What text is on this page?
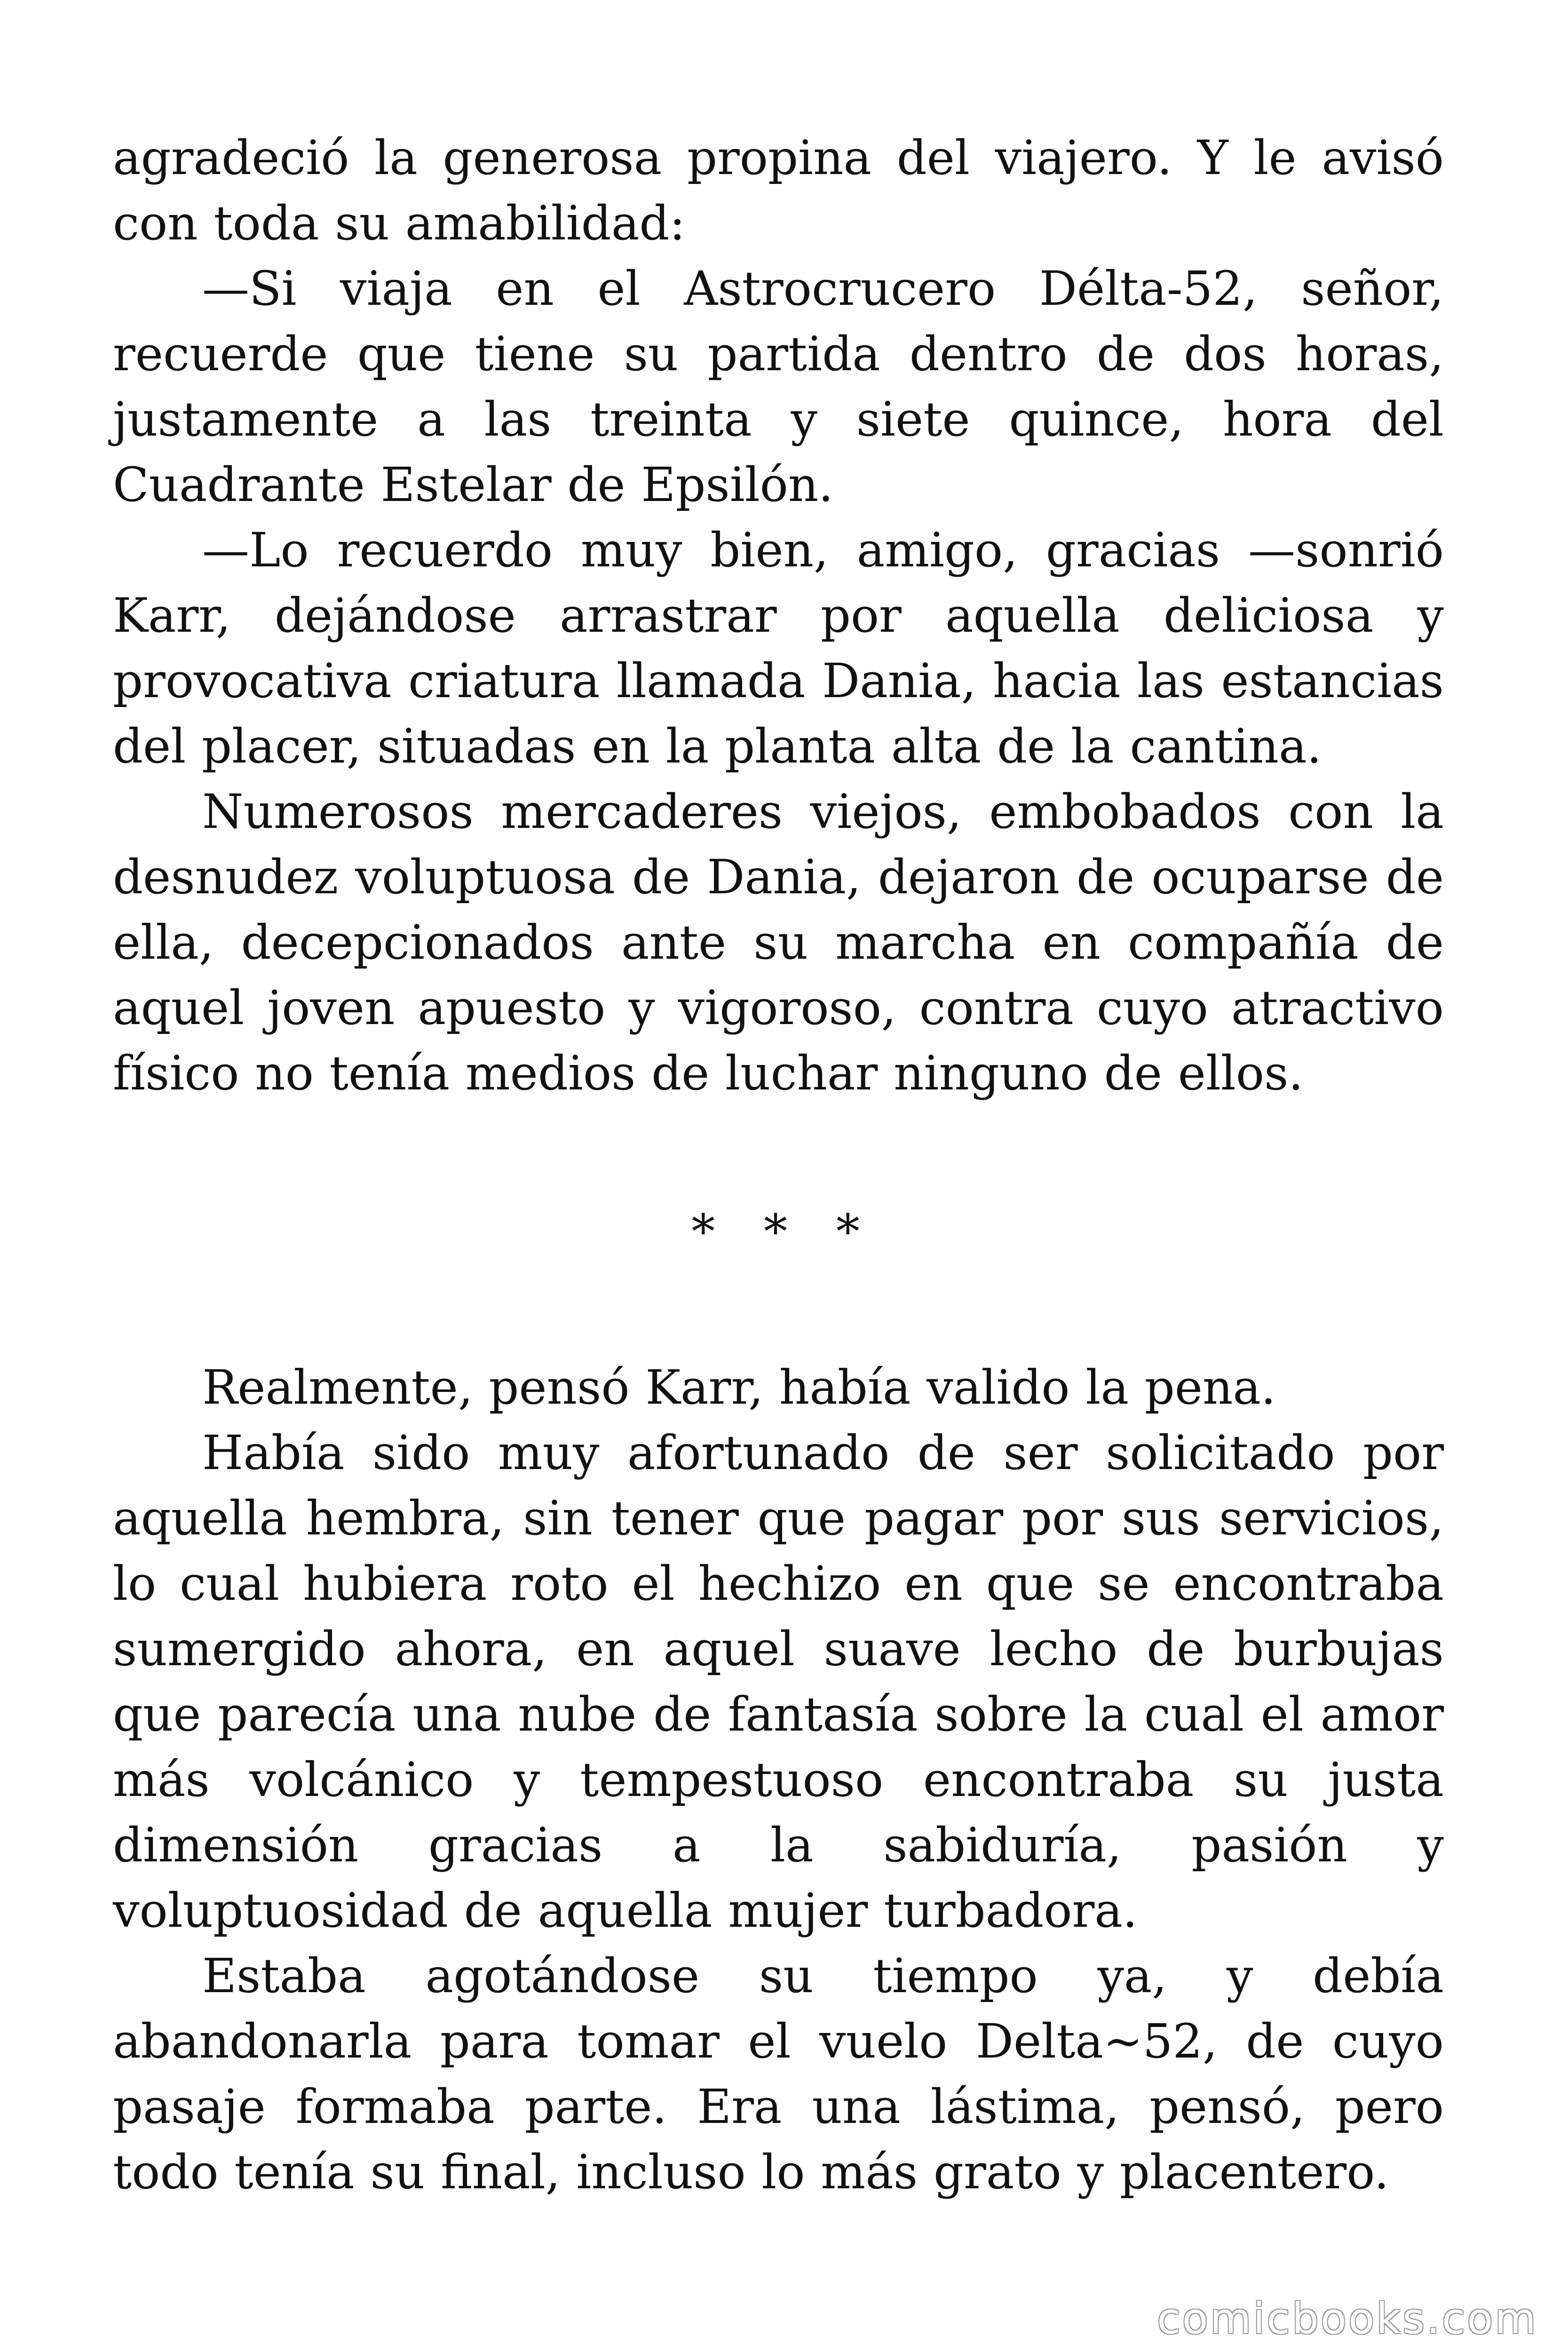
agradeció la generosa propina del viajero. Y le avisó con toda su amabilidad:

—Si viaja en el Astrocrucero Délta-52, señor, recuerde que tiene su partida dentro de dos horas, justamente a las treinta y siete quince, hora del Cuadrante Estelar de Epsilón.

—Lo recuerdo muy bien, amigo, gracias —sonrió Karr, dejándose arrastrar por aquella deliciosa y provocativa criatura llamada Dania, hacia las estancias del placer, situadas en la planta alta de la cantina.

Numerosos mercaderes viejos, embobados con la desnudez voluptuosa de Dania, dejaron de ocuparse de ella, decepcionados ante su marcha en compañía de aquel joven apuesto y vigoroso, contra cuyo atractivo físico no tenía medios de luchar ninguno de ellos.

* * *

Realmente, pensó Karr, había valido la pena.

Había sido muy afortunado de ser solicitado por aquella hembra, sin tener que pagar por sus servicios, lo cual hubiera roto el hechizo en que se encontraba sumergido ahora, en aquel suave lecho de burbujas que parecía una nube de fantasía sobre la cual el amor más volcánico y tempestuoso encontraba su justa dimensión gracias a la sabiduría, pasión y voluptuosidad de aquella mujer turbadora.

Estaba agotándose su tiempo ya, y debía abandonarla para tomar el vuelo Delta~52, de cuyo pasaje formaba parte. Era una lástima, pensó, pero todo tenía su final, incluso lo más grato y placentero.

comicbooks.com
